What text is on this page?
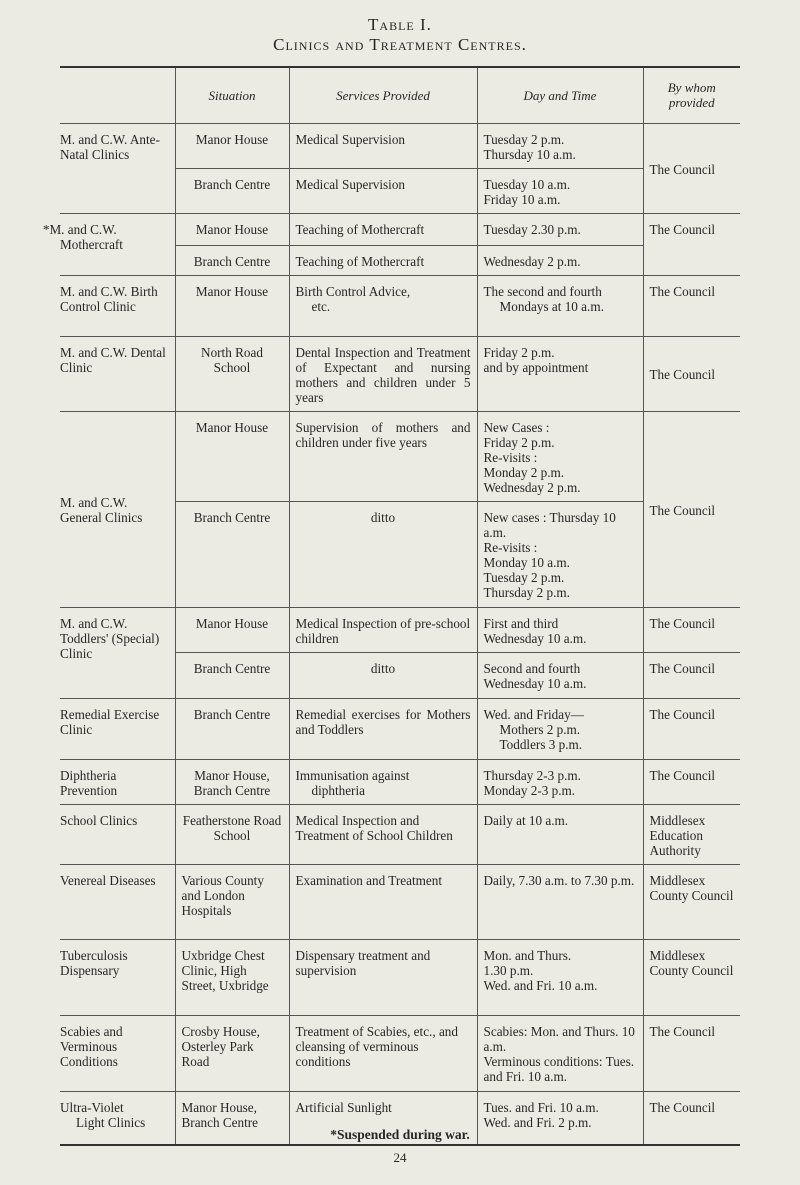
Table I.
Clinics and Treatment Centres.
	Situation	Services Provided	Day and Time	By whom provided
M. and C.W. Ante-Natal Clinics	Manor House	Medical Supervision	Tuesday 2 p.m.
Thursday 10 a.m.	The Council
	Branch Centre	Medical Supervision	Tuesday 10 a.m.
Friday 10 a.m.	
*M. and C.W. Mothercraft	Manor House	Teaching of Mothercraft	Tuesday 2.30 p.m.	The Council
	Branch Centre	Teaching of Mothercraft	Wednesday 2 p.m.	
M. and C.W. Birth Control Clinic	Manor House	Birth Control Advice,
etc.	The second and fourth
Mondays at 10 a.m.	The Council
M. and C.W. Dental Clinic	North Road School	Dental Inspection and Treatment of Expectant and nursing mothers and children under 5 years	Friday 2 p.m.
and by appointment	The Council
M. and C.W. General Clinics	Manor House	Supervision of mothers and children under five years	New Cases :
Friday 2 p.m.
Re-visits :
Monday 2 p.m.
Wednesday 2 p.m.	The Council
	Branch Centre	ditto	New cases : Thursday 10 a.m.
Re-visits :
Monday 10 a.m.
Tuesday 2 p.m.
Thursday 2 p.m.	
M. and C.W. Toddlers' (Special) Clinic	Manor House	Medical Inspection of pre-school children	First and third
Wednesday 10 a.m.	The Council
	Branch Centre	ditto	Second and fourth
Wednesday 10 a.m.	The Council
Remedial Exercise Clinic	Branch Centre	Remedial exercises for Mothers and Toddlers	Wed. and Friday—
Mothers 2 p.m.
Toddlers 3 p.m.	The Council
Diphtheria Prevention	Manor House, Branch Centre	Immunisation against
diphtheria	Thursday 2-3 p.m.
Monday 2-3 p.m.	The Council
School Clinics	Featherstone Road School	Medical Inspection and Treatment of School Children	Daily at 10 a.m.	Middlesex Education Authority
Venereal Diseases	Various County and London Hospitals	Examination and Treatment	Daily, 7.30 a.m. to 7.30 p.m.	Middlesex County Council
Tuberculosis Dispensary	Uxbridge Chest Clinic, High Street, Uxbridge	Dispensary treatment and supervision	Mon. and Thurs.
1.30 p.m.
Wed. and Fri. 10 a.m.	Middlesex County Council
Scabies and Verminous Conditions	Crosby House, Osterley Park Road	Treatment of Scabies, etc., and cleansing of verminous conditions	Scabies: Mon. and Thurs. 10 a.m.
Verminous conditions: Tues. and Fri. 10 a.m.	The Council
Ultra-Violet
Light Clinics	Manor House, Branch Centre	Artificial Sunlight	Tues. and Fri. 10 a.m.
Wed. and Fri. 2 p.m.	The Council
*Suspended during war.
24
